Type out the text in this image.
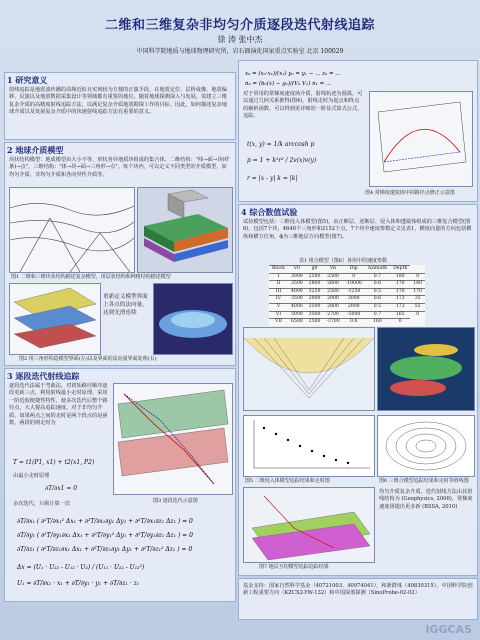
二维和三维复杂非均匀介质逐段迭代射线追踪
徐 涛 张中杰
中国科学院地质与地球物理研究所，岩石圈演化国家重点实验室 北京 100029
1 研究意义
射线追踪是地震波传播的高频近似且实现较为方便的正演手段，在地震定位、层析成像、地震偏移、反演以及地震数据采集设计等领域都有重要的地位。随着地球探测深入与发展，需建立三维复杂介质的高精度射线追踪方法，以满足复杂介质地震勘探工作的目标。因此，如何描述复杂地球介质以及发展复杂介质中的快速射线追踪方法有重要的意义。
2 地球介质模型
块状结构模型：地质模型由大小不等、形状各异地质块组成的集合体。二维结构："线→面→块(纤条)→点"，三维结构："体→块→面→三角形→点"。每个块内，可以定义不同类型的介质模型，如均匀介质、非均匀介质和各向异性介质等。
图1 二维和三维块状结构描述复杂模型，用层状结构和网格结构描述模型
重新定义模型界面上各点的法向量，达到光滑连续
图2 用三角形构造模型界面(左)以及界面的法向量界面处理(右)
3 逐段迭代射线追踪
逐段迭代法属于弯曲法，对初始路径顺序逐段更新三点，利用射线最小走时原理，采用一阶近似便捷性特性，使多次迭代后整个路径点，大大提高追踪速度。对于非均匀介质，如果两点之间的走时是两个段点的是函数，两段的则走时为
图3 逐段迭代示意图
T = t1(P1, x1) + t2(x1, P2)
由最小走时原理
∂T/∂x1 = 0
多次迭代，只须计算一次
∂T/∂x₁ ( ∂²T/∂x₁² Δx₁ + ∂²T/∂x₁∂y₁ Δy₁ + ∂²T/∂x₁∂z₁ Δz₁ ) = 0
∂T/∂y₁ ( ∂²T/∂y₁∂x₁ Δx₁ + ∂²T/∂y₁² Δy₁ + ∂²T/∂y₁∂z₁ Δz₁ ) = 0
∂T/∂z₁ ( ∂²T/∂z₁∂x₁ Δx₁ + ∂²T/∂z₁∂y₁ Δy₁ + ∂²T/∂z₁² Δz₁ ) = 0
Δx = (U₁ · U₂₂ - U₁₂ · U₂) / (U₁₁ · U₂₂ - U₁₂²)
U₁ = ∂T/∂x₁ · x₁ + ∂T/∂y₁ · y₁ + ∂T/∂z₁ · z₁
x₀ = (x₀·x₁)/(x₁) y₀ = y₁ − ... z₀ = ...
n₀ = (b₀(x) − g₁)/(V₀ V₁) n₁ = ...
对于常用的常梯度速度场介质，射线轨迹为圆弧，可以通过几何关系推得(图4)，射线走时为起点和终点的解析函数，可以得到更详细的一阶显式算式公式，追踪。
t(x, y) = 1/k arccosh p
p = 1 + k²r² / 2v(x)v(y)
r = |x - y| k = |k|
图4 常梯度速度场中同路径点修正示意图
4 综合数值试验
试验模型包括：三维侵入体模型(图5)，由正断层、逆断层、侵入体和透镜体组成的三维复合模型(图6)，包括7个块，4640个三角形和2152个点，7个块中速度参数定义见表1，横度向量的方向包括横纵和横方位角，ϕ为三维地层方向模型(图7)。
表1 组合模型（图6）各块中的速度参数
Block	V0	g0	Vb	Dip	Azimuth	Depth	
I	3000	2500	2500	0	0.7	180	0
II	3500	2800	2600	-10000	0.6	170	160
III	4000	3250	2500	-1250	0.5	170	170
IV	3500	3000	2000	3000	0.6	173	35
V	4000	3500	2800	2000	0.5	173	55
VI	5000	3500	2700	-5000	0.7	165	0
VII	6500	2500	-3700	0.8	160	0	
图5 二维侵入体模型追踪结果和走时图	图6 三维合模型追踪结果和走时等值线图
图7 地层互切模型追踪追踪结果
均匀介质复杂介质，迭代射线方法由其射线结构为 (Geophysics, 2006)，常梯度速度场提出更多新 (BSSA, 2010)
基金支持：国家自然科学基金（40721003、40974041），和新群体（40830315），中国科学院创新工程重要方向（KZCX2-YW-132）和中国深部探测（SinoProbe-02-02）
IGGCAS
